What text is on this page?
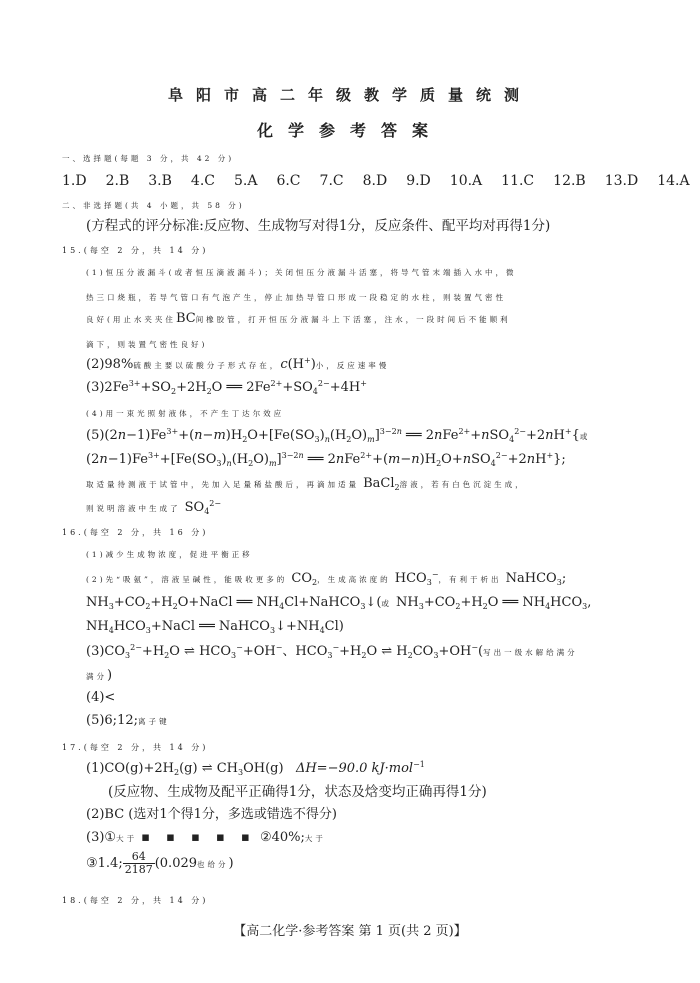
阜阳市高二年级教学质量统测
化学参考答案
一、选择题(每题 3 分，共 42 分)
1.D 2.B 3.B 4.C 5.A 6.C 7.C 8.D 9.D 10.A 11.C 12.B 13.D 14.A
二、非选择题(共 4 小题，共 58 分)
(方程式的评分标准:反应物、生成物写对得1分，反应条件、配平均对再得1分)
15.(每空 2 分，共 14 分)
(1)恒压分液漏斗(或者恒压滴液漏斗)；关闭恒压分液漏斗活塞，将导气管末端插入水中，微
热三口烧瓶，若导气管口有气泡产生，停止加热导管口形成一段稳定的水柱，则装置气密性
良好(用止水夹夹住BC间橡胶管，打开恒压分液漏斗上下活塞，注水，一段时间后不能顺利
滴下，则装置气密性良好)
(2)98%硫酸主要以硫酸分子形式存在，c(H+)小，反应速率慢
$(3)2Fe^{3+}+SO_2+2H_2O$ ══ $2Fe^{2+}+SO_4^{2-}+4H^+$
(4)用一束光照射液体，不产生丁达尔效应
$(5)(2n-1)Fe^{3+}+(n-m)H_2O+[Fe(SO_3)_n(H_2O)_m]^{3-2n}$ ══ 2nFe$^{2+}$+nSO$_4^{2-}$+2nH+{或
$(2n-1)Fe^{3+}+[Fe(SO_3)_n(H_2O)_m]^{3-2n}$ ══ $2nFe^{2+}+(m-n)H_2O+nSO_4^{2-}+2nH^+$};
取适量待测液于试管中，先加入足量稀盐酸后，再滴加适量 BaCl$_2$溶液，若有白色沉淀生成，
则说明溶液中生成了 $SO_4^{2-}$
16.(每空 2 分，共 16 分)
(1)减少生成物浓度，促进平衡正移
(2)先“吸氨”，溶液呈碱性，能吸收更多的 $CO_2$，生成高浓度的 $HCO_3^-$，有利于析出 NaHCO$_3$;
$NH_3+CO_2+H_2O+NaCl$ ══ $NH_4Cl+NaHCO_3↓$(或 $NH_3+CO_2+H_2O$ ══ $NH_4HCO_3$,
$NH_4HCO_3+NaCl$ ══ $NaHCO_3↓+NH_4Cl$)
$(3)CO_3^{2-}+H_2O$ ⇌ $HCO_3^-+OH^-$、$HCO_3^-+H_2O$ ⇌ $H_2CO_3+OH^-$(写出一级水解给满分
满分)
(4)<
(5)6;12;离子键
17.(每空 2 分，共 14 分)
$(1)CO(g)+2H_2(g)$ ⇌ $CH_3OH(g)$   ΔH=−90.0 kJ·mol$^{-1}$
(反应物、生成物及配平正确得1分，状态及焓变均正确再得1分)
(2)BC (选对1个得1分，多选或错选不得分)
(3)①大于 ▪ ▪ ▪ ▪ ▪ ②40%;大于
③1.4; $\frac{64}{2187} (0.029$也给分)
18.(每空 2 分，共 14 分)
【高二化学·参考答案 第 1 页(共 2 页)】
